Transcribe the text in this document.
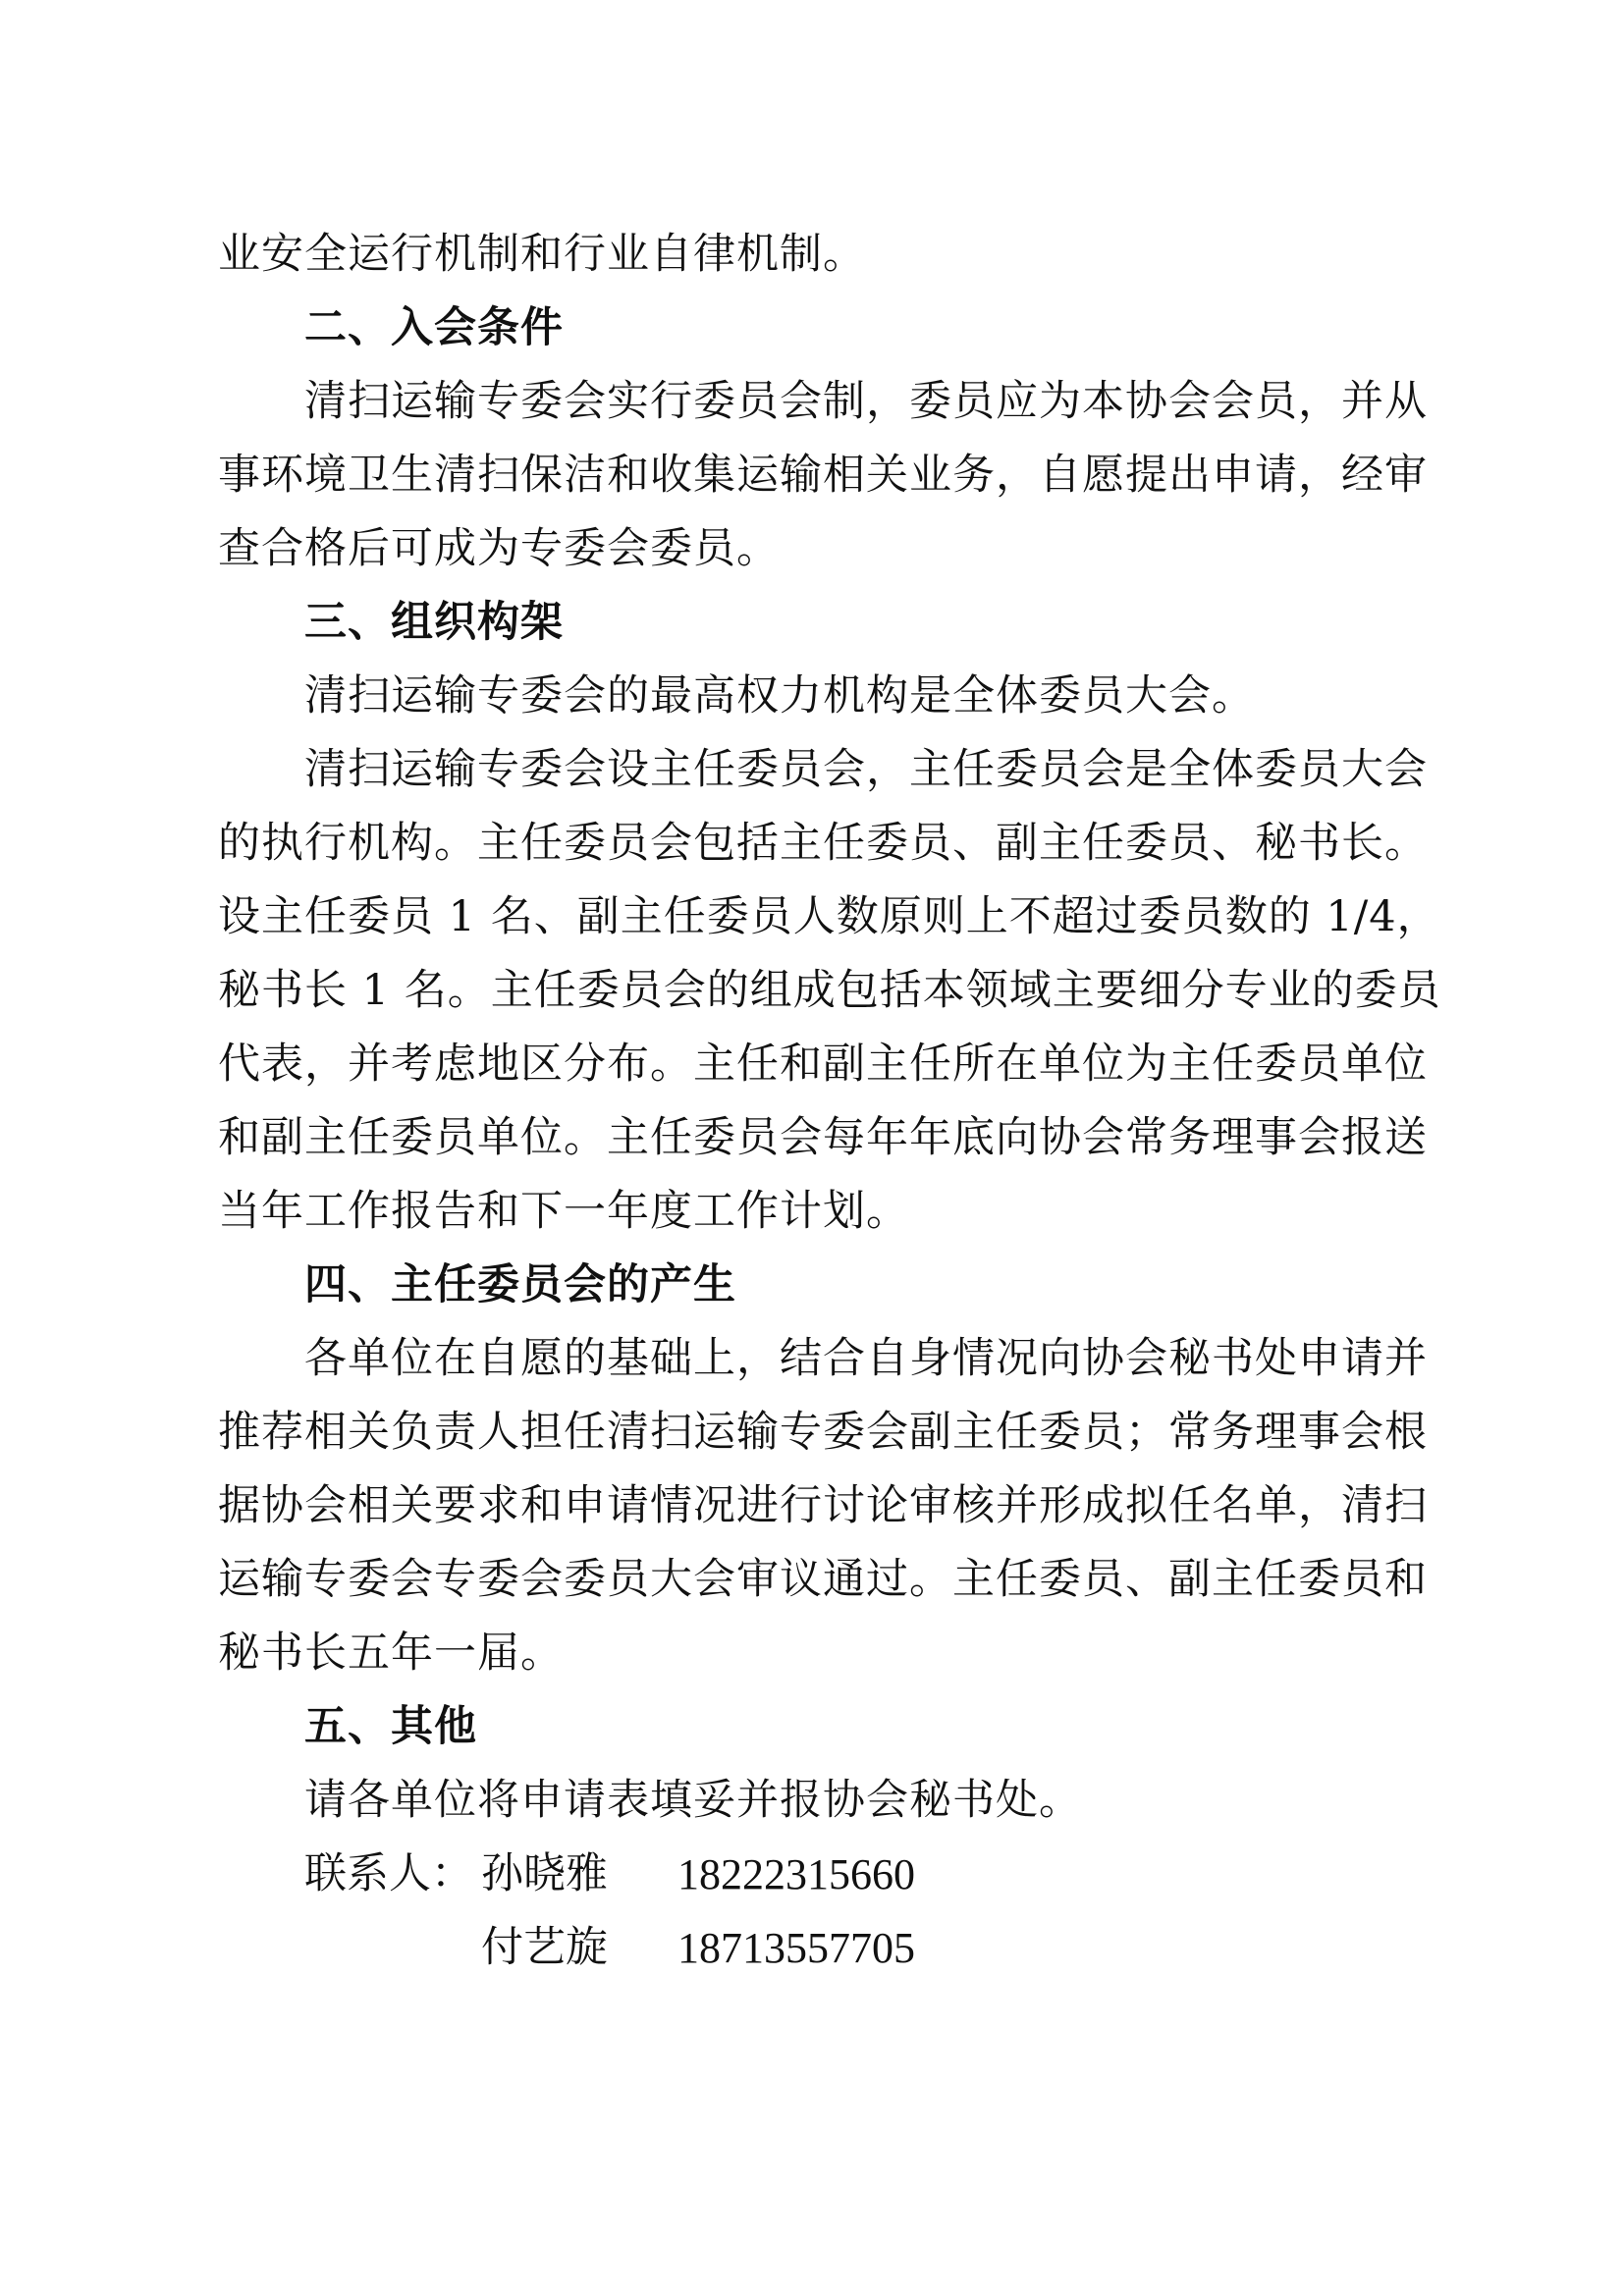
业安全运行机制和行业自律机制。
二、入会条件
清扫运输专委会实行委员会制，委员应为本协会会员，并从
事环境卫生清扫保洁和收集运输相关业务，自愿提出申请，经审
查合格后可成为专委会委员。
三、组织构架
清扫运输专委会的最高权力机构是全体委员大会。
清扫运输专委会设主任委员会，主任委员会是全体委员大会
的执行机构。主任委员会包括主任委员、副主任委员、秘书长。
设主任委员 1 名、副主任委员人数原则上不超过委员数的 1/4，
秘书长 1 名。主任委员会的组成包括本领域主要细分专业的委员
代表，并考虑地区分布。主任和副主任所在单位为主任委员单位
和副主任委员单位。主任委员会每年年底向协会常务理事会报送
当年工作报告和下一年度工作计划。
四、主任委员会的产生
各单位在自愿的基础上，结合自身情况向协会秘书处申请并
推荐相关负责人担任清扫运输专委会副主任委员；常务理事会根
据协会相关要求和申请情况进行讨论审核并形成拟任名单，清扫
运输专委会专委会委员大会审议通过。主任委员、副主任委员和
秘书长五年一届。
五、其他
请各单位将申请表填妥并报协会秘书处。
联系人： 孙晓雅 18222315660
付艺旋 18713557705
